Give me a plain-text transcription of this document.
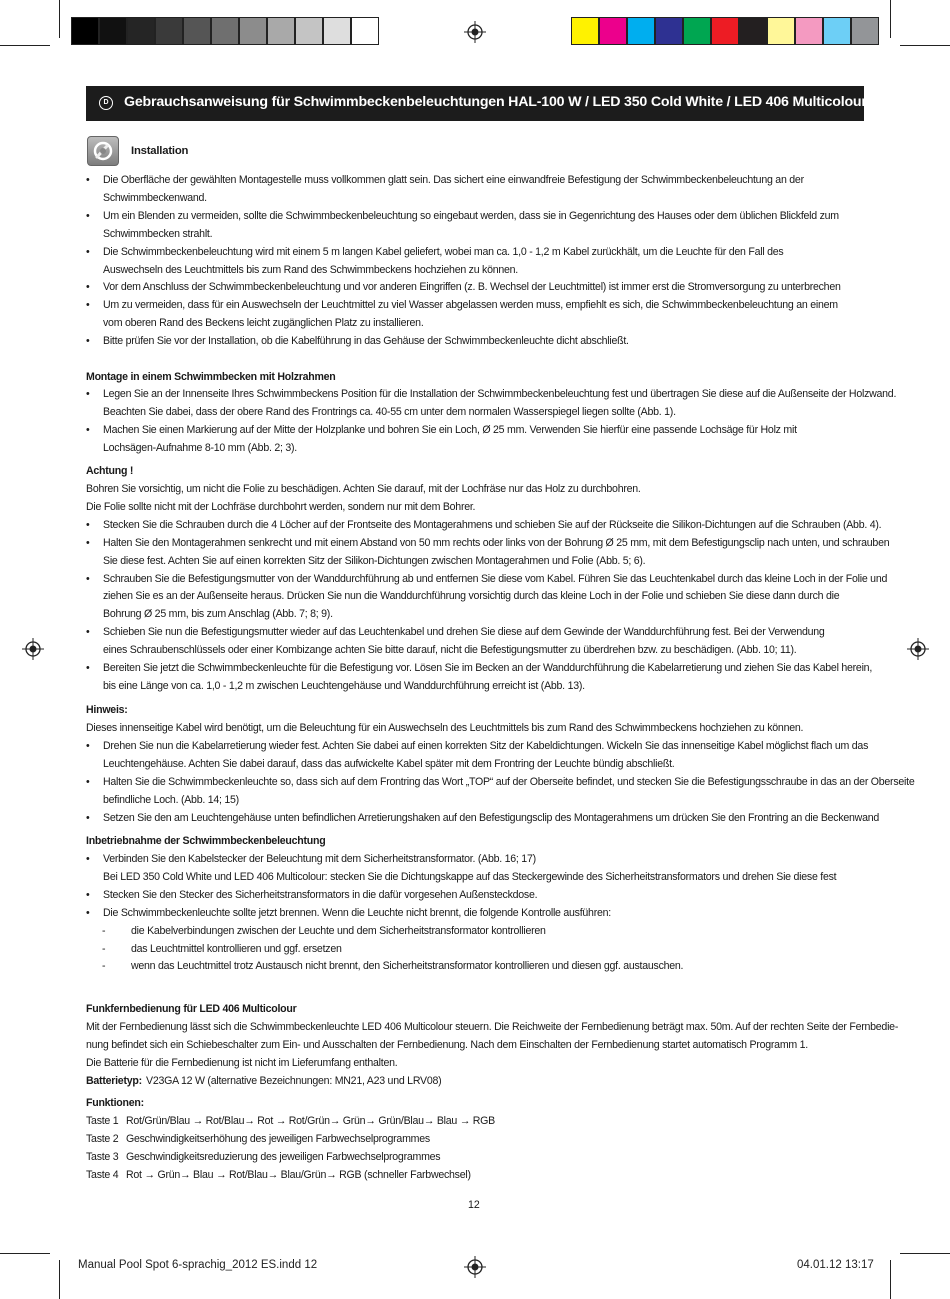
D	Gebrauchsanweisung für Schwimmbeckenbeleuchtungen HAL-100 W / LED 350 Cold White / LED 406 Multicolour
Installation
• Die Oberfläche der gewählten Montagestelle muss vollkommen glatt sein. Das sichert eine einwandfreie Befestigung der Schwimmbeckenbeleuchtung an der
Schwimmbeckenwand.
• Um ein Blenden zu vermeiden, sollte die Schwimmbeckenbeleuchtung so eingebaut werden, dass sie in Gegenrichtung des Hauses oder dem üblichen Blickfeld zum
Schwimmbecken strahlt.
• Die Schwimmbeckenbeleuchtung wird mit einem 5 m langen Kabel geliefert, wobei man ca. 1,0 - 1,2 m Kabel zurückhält, um die Leuchte für den Fall des
Auswechseln des Leuchtmittels bis zum Rand des Schwimmbeckens hochziehen zu können.
• Vor dem Anschluss der Schwimmbeckenbeleuchtung und vor anderen Eingriffen (z. B. Wechsel der Leuchtmittel) ist immer erst die Stromversorgung zu unterbrechen
• Um zu vermeiden, dass für ein Auswechseln der Leuchtmittel zu viel Wasser abgelassen werden muss, empfiehlt es sich, die Schwimmbeckenbeleuchtung an einem
vom oberen Rand des Beckens leicht zugänglichen Platz zu installieren.
• Bitte prüfen Sie vor der Installation, ob die Kabelführung in das Gehäuse der Schwimmbeckenleuchte dicht abschließt.
Montage in einem Schwimmbecken mit Holzrahmen
• Legen Sie an der Innenseite Ihres Schwimmbeckens Position für die Installation der Schwimmbeckenbeleuchtung fest und übertragen Sie diese auf die Außenseite der Holzwand.
Beachten Sie dabei, dass der obere Rand des Frontrings ca. 40-55 cm unter dem normalen Wasserspiegel liegen sollte (Abb. 1).
• Machen Sie einen Markierung auf der Mitte der Holzplanke und bohren Sie ein Loch, Ø 25 mm. Verwenden Sie hierfür eine passende Lochsäge für Holz mit
Lochsägen-Aufnahme 8-10 mm (Abb. 2; 3).
Achtung !
Bohren Sie vorsichtig, um nicht die Folie zu beschädigen. Achten Sie darauf, mit der Lochfräse nur das Holz zu durchbohren.
Die Folie sollte nicht mit der Lochfräse durchbohrt werden, sondern nur mit dem Bohrer.
• Stecken Sie die Schrauben durch die 4 Löcher auf der Frontseite des Montagerahmens und schieben Sie auf der Rückseite die Silikon-Dichtungen auf die Schrauben (Abb. 4).
• Halten Sie den Montagerahmen senkrecht und mit einem Abstand von 50 mm rechts oder links von der Bohrung Ø 25 mm, mit dem Befestigungsclip nach unten, und schrauben
Sie diese fest. Achten Sie auf einen korrekten Sitz der Silikon-Dichtungen zwischen Montagerahmen und Folie (Abb. 5; 6).
• Schrauben Sie die Befestigungsmutter von der Wanddurchführung ab und entfernen Sie diese vom Kabel. Führen Sie das Leuchtenkabel durch das kleine Loch in der Folie und
ziehen Sie es an der Außenseite heraus. Drücken Sie nun die Wanddurchführung vorsichtig durch das kleine Loch in der Folie und schieben Sie diese dann durch die
Bohrung Ø 25 mm, bis zum Anschlag (Abb. 7; 8; 9).
• Schieben Sie nun die Befestigungsmutter wieder auf das Leuchtenkabel und drehen Sie diese auf dem Gewinde der Wanddurchführung fest. Bei der Verwendung
eines Schraubenschlüssels oder einer Kombizange achten Sie bitte darauf, nicht die Befestigungsmutter zu überdrehen bzw. zu beschädigen. (Abb. 10; 11).
• Bereiten Sie jetzt die Schwimmbeckenleuchte für die Befestigung vor. Lösen Sie im Becken an der Wanddurchführung die Kabelarretierung und ziehen Sie das Kabel herein,
bis eine Länge von ca. 1,0 - 1,2 m zwischen Leuchtengehäuse und Wanddurchführung erreicht ist (Abb. 13).
Hinweis:
Dieses innenseitige Kabel wird benötigt, um die Beleuchtung für ein Auswechseln des Leuchtmittels bis zum Rand des Schwimmbeckens hochziehen zu können.
• Drehen Sie nun die Kabelarretierung wieder fest. Achten Sie dabei auf einen korrekten Sitz der Kabeldichtungen. Wickeln Sie das innenseitige Kabel möglichst flach um das
Leuchtengehäuse. Achten Sie dabei darauf, dass das aufwickelte Kabel später mit dem Frontring der Leuchte bündig abschließt.
• Halten Sie die Schwimmbeckenleuchte so, dass sich auf dem Frontring das Wort „TOP“ auf der Oberseite befindet, und stecken Sie die Befestigungsschraube in das an der Oberseite
befindliche Loch. (Abb. 14; 15)
• Setzen Sie den am Leuchtengehäuse unten befindlichen Arretierungshaken auf den Befestigungsclip des Montagerahmens um drücken Sie den Frontring an die Beckenwand
Inbetriebnahme der Schwimmbeckenbeleuchtung
• Verbinden Sie den Kabelstecker der Beleuchtung mit dem Sicherheitstransformator. (Abb. 16; 17)
Bei LED 350 Cold White und LED 406 Multicolour: stecken Sie die Dichtungskappe auf das Steckergewinde des Sicherheitstransformators und drehen Sie diese fest
• Stecken Sie den Stecker des Sicherheitstransformators in die dafür vorgesehen Außensteckdose.
• Die Schwimmbeckenleuchte sollte jetzt brennen. Wenn die Leuchte nicht brennt, die folgende Kontrolle ausführen:
- die Kabelverbindungen zwischen der Leuchte und dem Sicherheitstransformator kontrollieren
- das Leuchtmittel kontrollieren und ggf. ersetzen
- wenn das Leuchtmittel trotz Austausch nicht brennt, den Sicherheitstransformator kontrollieren und diesen ggf. austauschen.
Funkfernbedienung für LED 406 Multicolour
Mit der Fernbedienung lässt sich die Schwimmbeckenleuchte LED 406 Multicolour steuern. Die Reichweite der Fernbedienung beträgt max. 50m. Auf der rechten Seite der Fernbedie-
nung befindet sich ein Schiebeschalter zum Ein- und Ausschalten der Fernbedienung. Nach dem Einschalten der Fernbedienung startet automatisch Programm 1.
Die Batterie für die Fernbedienung ist nicht im Lieferumfang enthalten.
Batterietyp: V23GA 12 W (alternative Bezeichnungen: MN21, A23 und LRV08)
Funktionen:
Taste 1 Rot/Grün/Blau → Rot/Blau→ Rot → Rot/Grün→ Grün→ Grün/Blau→ Blau → RGB
Taste 2 Geschwindigkeitserhöhung des jeweiligen Farbwechselprogrammes
Taste 3 Geschwindigkeitsreduzierung des jeweiligen Farbwechselprogrammes
Taste 4 Rot → Grün→ Blau → Rot/Blau→ Blau/Grün→ RGB (schneller Farbwechsel)
12
Manual Pool Spot 6-sprachig_2012 ES.indd 12	04.01.12 13:17
